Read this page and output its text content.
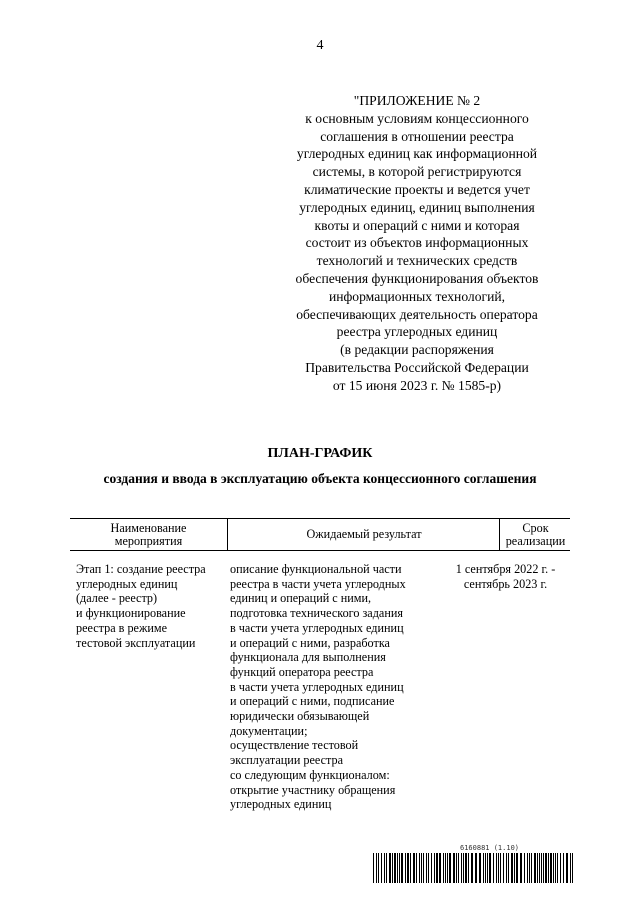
4
"ПРИЛОЖЕНИЕ № 2
к основным условиям концессионного
соглашения в отношении реестра
углеродных единиц как информационной
системы, в которой регистрируются
климатические проекты и ведется учет
углеродных единиц, единиц выполнения
квоты и операций с ними и которая
состоит из объектов информационных
технологий и технических средств
обеспечения функционирования объектов
информационных технологий,
обеспечивающих деятельность оператора
реестра углеродных единиц
(в редакции распоряжения
Правительства Российской Федерации
от 15 июня 2023 г. № 1585-р)
ПЛАН-ГРАФИК
создания и ввода в эксплуатацию объекта концессионного соглашения
Наименование
мероприятия	Ожидаемый результат	Срок реализации
Этап 1: создание реестра
углеродных единиц
(далее - реестр)
и функционирование
реестра в режиме
тестовой эксплуатации
описание функциональной части
реестра в части учета углеродных
единиц и операций с ними,
подготовка технического задания
в части учета углеродных единиц
и операций с ними, разработка
функционала для выполнения
функций оператора реестра
в части учета углеродных единиц
и операций с ними, подписание
юридически обязывающей
документации;
осуществление тестовой
эксплуатации реестра
со следующим функционалом:
открытие участнику обращения
углеродных единиц
1 сентября 2022 г. -
сентябрь 2023 г.
6160881 (1.10)
